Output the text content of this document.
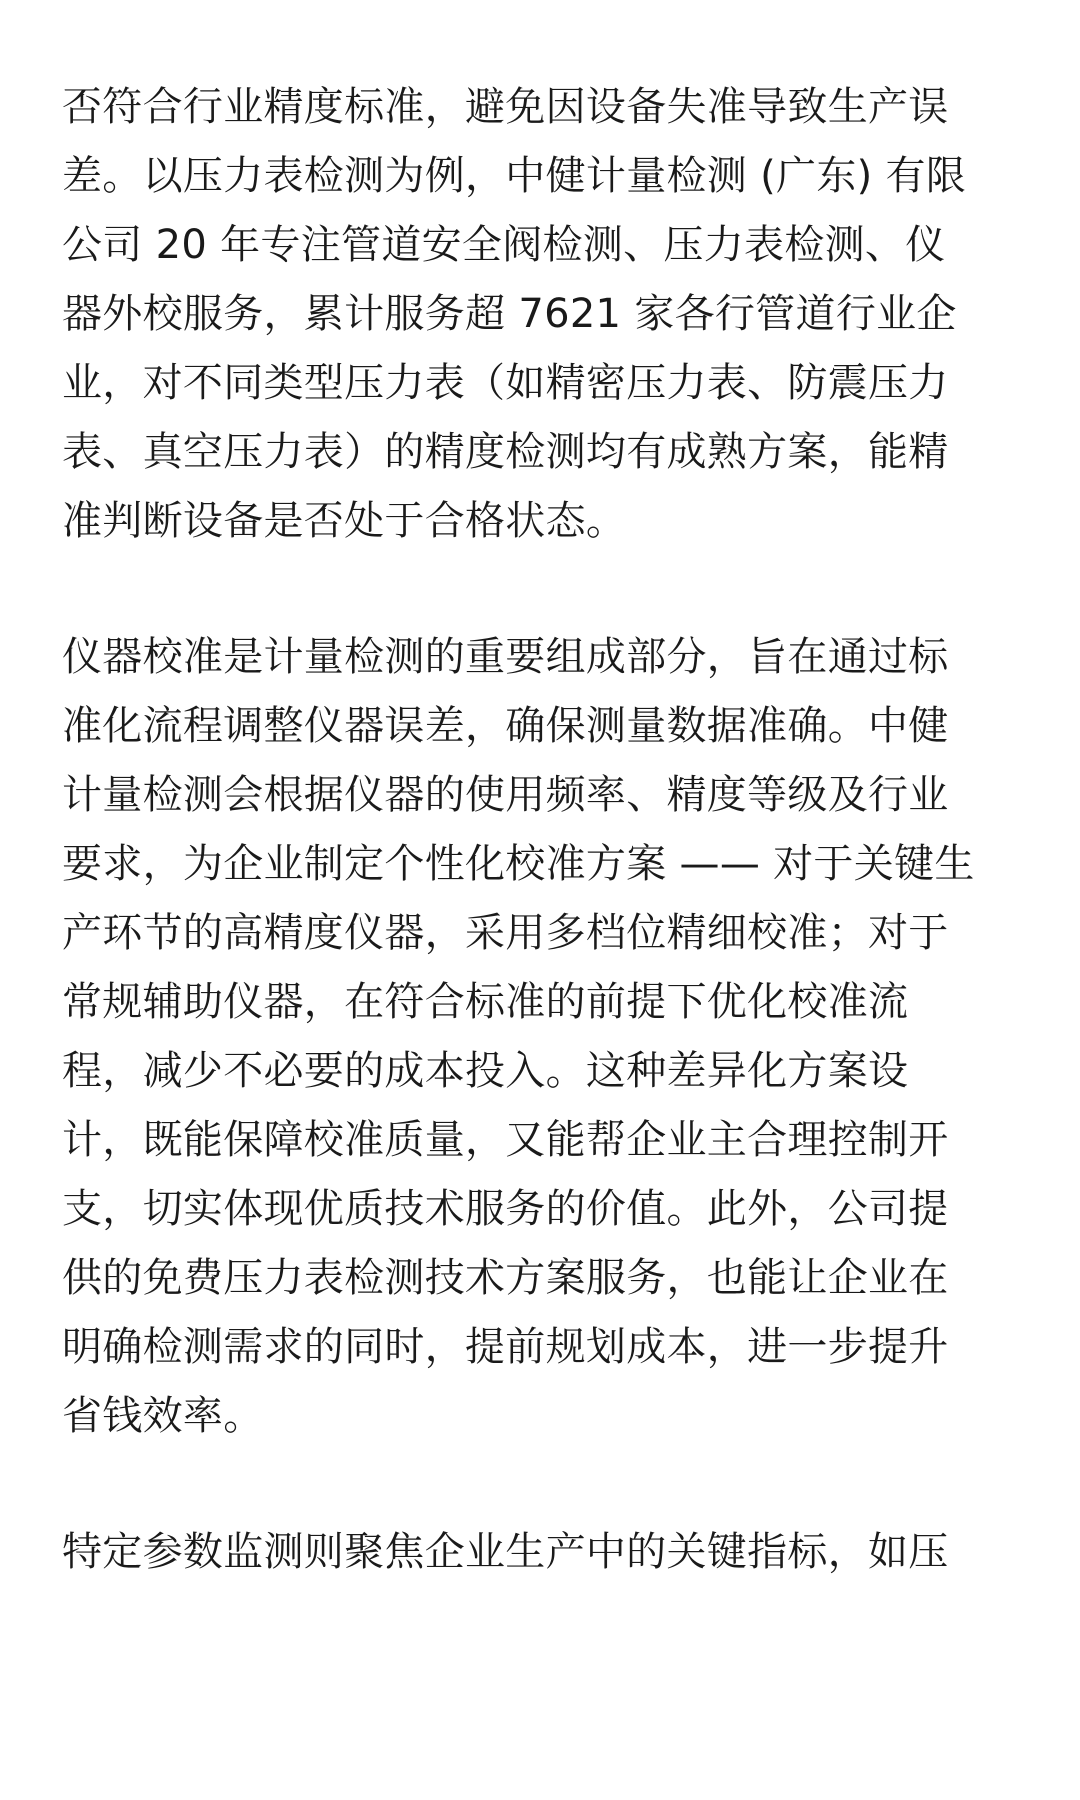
否符合行业精度标准，避免因设备失准导致生产误
差。以压力表检测为例，中健计量检测 (广东) 有限
公司 20 年专注管道安全阀检测、压力表检测、仪
器外校服务，累计服务超 7621 家各行管道行业企
业，对不同类型压力表（如精密压力表、防震压力
表、真空压力表）的精度检测均有成熟方案，能精
准判断设备是否处于合格状态。
仪器校准是计量检测的重要组成部分，旨在通过标
准化流程调整仪器误差，确保测量数据准确。中健
计量检测会根据仪器的使用频率、精度等级及行业
要求，为企业制定个性化校准方案 —— 对于关键生
产环节的高精度仪器，采用多档位精细校准；对于
常规辅助仪器，在符合标准的前提下优化校准流
程，减少不必要的成本投入。这种差异化方案设
计，既能保障校准质量，又能帮企业主合理控制开
支，切实体现优质技术服务的价值。此外，公司提
供的免费压力表检测技术方案服务，也能让企业在
明确检测需求的同时，提前规划成本，进一步提升
省钱效率。
特定参数监测则聚焦企业生产中的关键指标，如压
